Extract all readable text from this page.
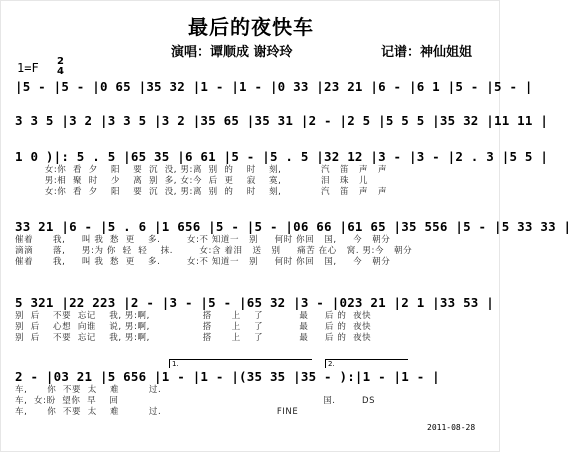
最后的夜快车
演唱：谭顺成 谢玲玲	记谱：神仙姐姐
1=F 2
4
|5 - |5 - |0 65 |35 32 |1 - |1 - |0 33 |23 21 |6 - |6 1 |5 - |5 - |
3 3 5 |3 2 |3 3 5 |3 2 |35 65 |35 31 |2 - |2 5 |5 5 5 |35 32 |11 11 |
1 0 )|: 5 . 5 |65 35 |6 61 |5 - |5 . 5 |32 12 |3 - |3 - |2 . 3 |5 5 |
女:你  看  夕    阳    要  沉  没, 男:离  别  的    时    刻,            汽   笛   声   声
男:相  聚  时    少    离  别  多, 女:今  后  更    寂    寞,            泪   珠   儿
女:你  看  夕    阳    要  沉  没, 男:离  别  的    时    刻,            汽   笛   声   声
33 21 |6 - |5 . 6 |1 656 |5 - |5 - |06 66 |61 65 |35 556 |5 - |5 33 33 |
催着      我,     叫 我  愁  更    多.        女:不 知道一   别     何时 你回   国,     今   朝分
滴滴      落,     男:为 你  轻  轻    抹.        女:含 着泪   送   别     痛苦 在心   窝. 男:今   朝分
催着      我,     叫 我  愁  更    多.        女:不 知道一   别     何时 你回   国,     今   朝分
5 321 |22 223 |2 - |3 - |5 - |65 32 |3 - |023 21 |2 1 |33 53 |
别  后    不要  忘记    我, 男:啊,                搭      上    了           最     后 的  夜快
别  后    心想  向谁    说, 男:啊,                搭      上    了           最     后 的  夜快
别  后    不要  忘记    我, 男:啊,                搭      上    了           最     后 的  夜快
1.	2.
2 - |03 21 |5 656 |1 - |1 - |(35 35 |35 - ):|1 - |1 - |
车,      你  不要  太    难         过.
车,  女:盼  望你  早    回                                                              国.        DS
车,      你  不要  太    难         过.                                   FINE
2011-08-28
